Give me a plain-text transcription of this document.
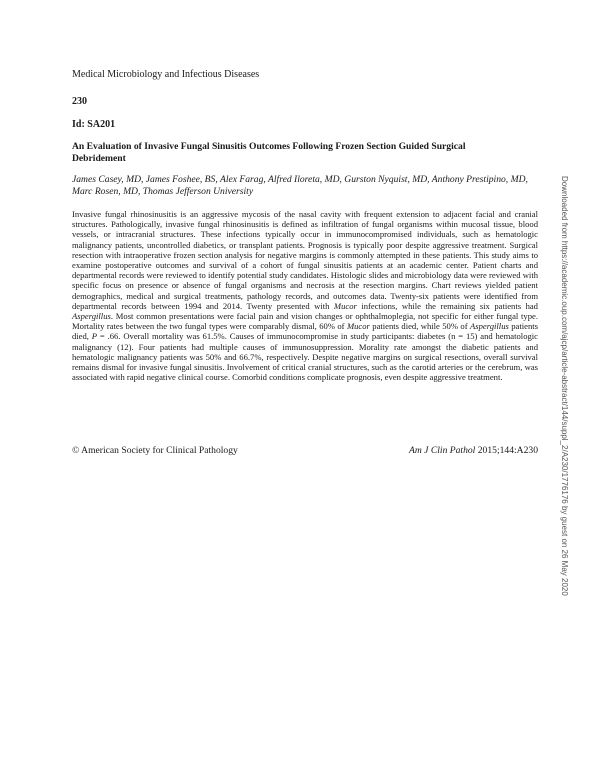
Medical Microbiology and Infectious Diseases
230
Id: SA201
An Evaluation of Invasive Fungal Sinusitis Outcomes Following Frozen Section Guided Surgical Debridement
James Casey, MD, James Foshee, BS, Alex Farag, Alfred Iloreta, MD, Gurston Nyquist, MD, Anthony Prestipino, MD, Marc Rosen, MD, Thomas Jefferson University
Invasive fungal rhinosinusitis is an aggressive mycosis of the nasal cavity with frequent extension to adjacent facial and cranial structures. Pathologically, invasive fungal rhinosinusitis is defined as infiltration of fungal organisms within mucosal tissue, blood vessels, or intracranial structures. These infections typically occur in immunocompromised individuals, such as hematologic malignancy patients, uncontrolled diabetics, or transplant patients. Prognosis is typically poor despite aggressive treatment. Surgical resection with intraoperative frozen section analysis for negative margins is commonly attempted in these patients. This study aims to examine postoperative outcomes and survival of a cohort of fungal sinusitis patients at an academic center. Patient charts and departmental records were reviewed to identify potential study candidates. Histologic slides and microbiology data were reviewed with specific focus on presence or absence of fungal organisms and necrosis at the resection margins. Chart reviews yielded patient demographics, medical and surgical treatments, pathology records, and outcomes data. Twenty-six patients were identified from departmental records between 1994 and 2014. Twenty presented with Mucor infections, while the remaining six patients had Aspergillus. Most common presentations were facial pain and vision changes or ophthalmoplegia, not specific for either fungal type. Mortality rates between the two fungal types were comparably dismal, 60% of Mucor patients died, while 50% of Aspergillus patients died, P = .66. Overall mortality was 61.5%. Causes of immunocompromise in study participants: diabetes (n = 15) and hematologic malignancy (12). Four patients had multiple causes of immunosuppression. Morality rate amongst the diabetic patients and hematologic malignancy patients was 50% and 66.7%, respectively. Despite negative margins on surgical resections, overall survival remains dismal for invasive fungal sinusitis. Involvement of critical cranial structures, such as the carotid arteries or the cerebrum, was associated with rapid negative clinical course. Comorbid conditions complicate prognosis, even despite aggressive treatment.
© American Society for Clinical Pathology	Am J Clin Pathol 2015;144:A230	Downloaded from https://academic.oup.com/ajcp/article-abstract/144/suppl_2/A230/1776176 by guest on 26 May 2020
